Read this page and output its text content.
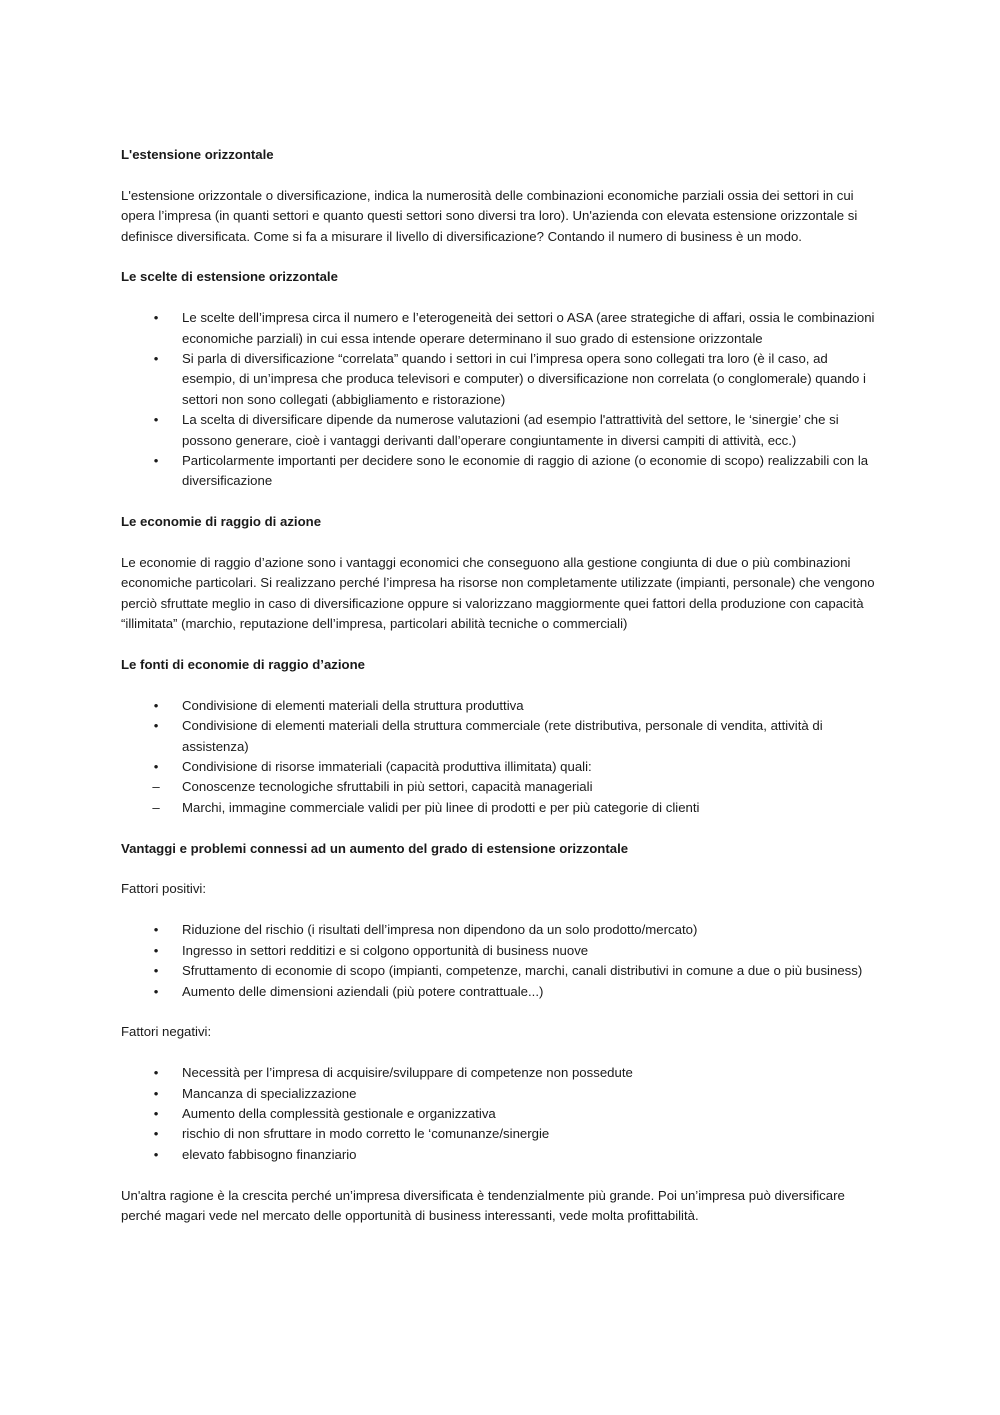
L'estensione orizzontale

L'estensione orizzontale o diversificazione, indica la numerosità delle combinazioni economiche parziali ossia dei settori in cui opera l’impresa (in quanti settori e quanto questi settori sono diversi tra loro). Un'azienda con elevata estensione orizzontale si definisce diversificata. Come si fa a misurare il livello di diversificazione? Contando il numero di business è un modo.

Le scelte di estensione orizzontale
•	Le scelte dell’impresa circa il numero e l’eterogeneità dei settori o ASA (aree strategiche di affari, ossia le combinazioni economiche parziali) in cui essa intende operare determinano il suo grado di estensione orizzontale
•	Si parla di diversificazione “correlata” quando i settori in cui l’impresa opera sono collegati tra loro (è il caso, ad esempio, di un’impresa che produca televisori e computer) o diversificazione non correlata (o conglomerale) quando i settori non sono collegati (abbigliamento e ristorazione)
•	La scelta di diversificare dipende da numerose valutazioni (ad esempio l'attrattività del settore, le ‘sinergie’ che si possono generare, cioè i vantaggi derivanti dall’operare congiuntamente in diversi campiti di attività, ecc.)
•	Particolarmente importanti per decidere sono le economie di raggio di azione (o economie di scopo) realizzabili con la diversificazione
Le economie di raggio di azione

Le economie di raggio d’azione sono i vantaggi economici che conseguono alla gestione congiunta di due o più combinazioni economiche particolari. Si realizzano perché l’impresa ha risorse non completamente utilizzate (impianti, personale) che vengono perciò sfruttate meglio in caso di diversificazione oppure si valorizzano maggiormente quei fattori della produzione con capacità “illimitata” (marchio, reputazione dell’impresa, particolari abilità tecniche o commerciali)

Le fonti di economie di raggio d’azione
•	Condivisione di elementi materiali della struttura produttiva
•	Condivisione di elementi materiali della struttura commerciale (rete distributiva, personale di vendita, attività di assistenza)
•	Condivisione di risorse immateriali (capacità produttiva illimitata) quali:
– Conoscenze tecnologiche sfruttabili in più settori, capacità manageriali
– Marchi, immagine commerciale validi per più linee di prodotti e per più categorie di clienti
Vantaggi e problemi connessi ad un aumento del grado di estensione orizzontale

Fattori positivi:

•	Riduzione del rischio (i risultati dell’impresa non dipendono da un solo prodotto/mercato)
•	Ingresso in settori redditizi e si colgono opportunità di business nuove
•	Sfruttamento di economie di scopo (impianti, competenze, marchi, canali distributivi in comune a due o più business)
•	Aumento delle dimensioni aziendali (più potere contrattuale...)

Fattori negativi:

•	Necessità per l’impresa di acquisire/sviluppare di competenze non possedute
•	Mancanza di specializzazione
•	Aumento della complessità gestionale e organizzativa
•	rischio di non sfruttare in modo corretto le ‘comunanze/sinergie
•	elevato fabbisogno finanziario

Un'altra ragione è la crescita perché un’impresa diversificata è tendenzialmente più grande. Poi un’impresa può diversificare perché magari vede nel mercato delle opportunità di business interessanti, vede molta profittabilità.
